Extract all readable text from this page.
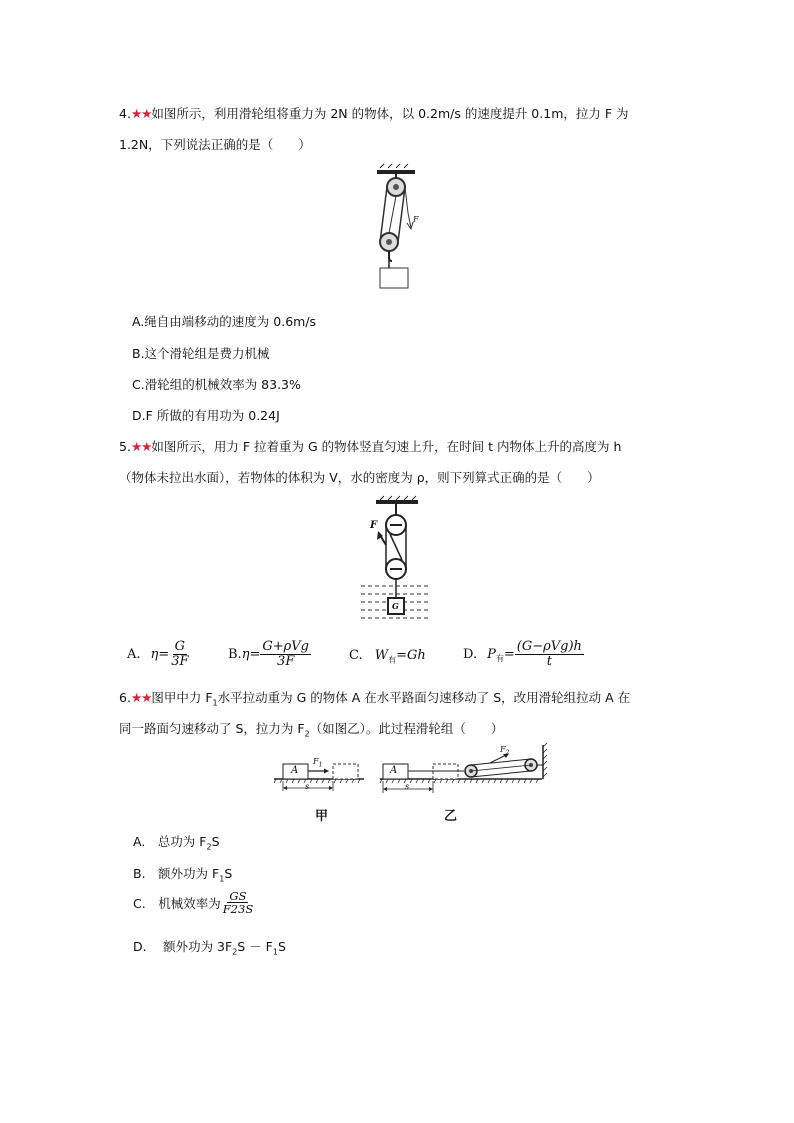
4.★★如图所示，利用滑轮组将重力为 2N 的物体，以 0.2m/s 的速度提升 0.1m，拉力 F 为
1.2N，下列说法正确的是（　　）
F
A.绳自由端移动的速度为 0.6m/s
B.这个滑轮组是费力机械
C.滑轮组的机械效率为 83.3%
D.F 所做的有用功为 0.24J
5.★★如图所示，用力 F 拉着重为 G 的物体竖直匀速上升，在时间 t 内物体上升的高度为 h
（物体未拉出水面），若物体的体积为 V，水的密度为 ρ，则下列算式正确的是（　　）
F
G
A. $\eta= \frac{G}{3F}$	B. $\eta= \frac{\text{G+ρVg}}{3F}$	C. $W_有=Gh$	D. $P_有 = \frac{\text{(G−ρVg)h}}{t}$
6.★★图甲中力 $F_1$水平拉动重为 G 的物体 A 在水平路面匀速移动了 S，改用滑轮组拉动 A 在
同一路面匀速移动了 S，拉力为 $F_2$（如图乙）。此过程滑轮组（　　）
A
$F_1$
s
甲
A
$F_2$
s
乙
A.　总功为 $F_2S$
B.　额外功为 $F_1S$
C.　机械效率为 $\frac{GS}{F23S}$
D.　 额外功为 $3F_2S - F_1S$
